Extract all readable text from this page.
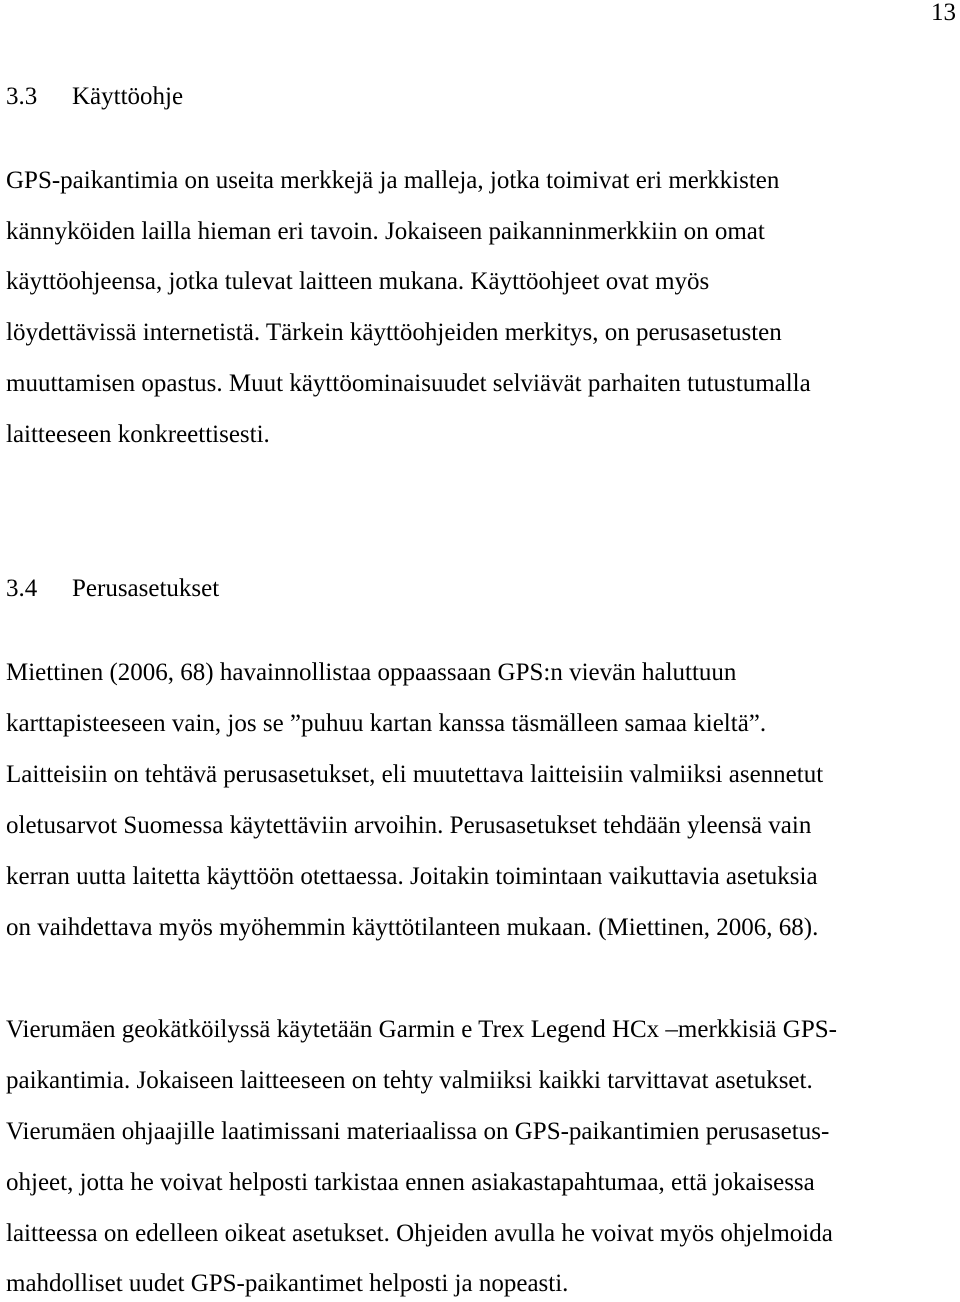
13
3.3 Käyttöohje
GPS-paikantimia on useita merkkejä ja malleja, jotka toimivat eri merkkisten
kännyköiden lailla hieman eri tavoin. Jokaiseen paikanninmerkkiin on omat
käyttöohjeensa, jotka tulevat laitteen mukana. Käyttöohjeet ovat myös
löydettävissä internetistä. Tärkein käyttöohjeiden merkitys, on perusasetusten
muuttamisen opastus. Muut käyttöominaisuudet selviävät parhaiten tutustumalla
laitteeseen konkreettisesti.
3.4 Perusasetukset
Miettinen (2006, 68) havainnollistaa oppaassaan GPS:n vievän haluttuun
karttapisteeseen vain, jos se ”puhuu kartan kanssa täsmälleen samaa kieltä”.
Laitteisiin on tehtävä perusasetukset, eli muutettava laitteisiin valmiiksi asennetut
oletusarvot Suomessa käytettäviin arvoihin. Perusasetukset tehdään yleensä vain
kerran uutta laitetta käyttöön otettaessa. Joitakin toimintaan vaikuttavia asetuksia
on vaihdettava myös myöhemmin käyttötilanteen mukaan. (Miettinen, 2006, 68).
Vierumäen geokätköilyssä käytetään Garmin e Trex Legend HCx –merkkisiä GPS-
paikantimia. Jokaiseen laitteeseen on tehty valmiiksi kaikki tarvittavat asetukset.
Vierumäen ohjaajille laatimissani materiaalissa on GPS-paikantimien perusasetus-
ohjeet, jotta he voivat helposti tarkistaa ennen asiakastapahtumaa, että jokaisessa
laitteessa on edelleen oikeat asetukset. Ohjeiden avulla he voivat myös ohjelmoida
mahdolliset uudet GPS-paikantimet helposti ja nopeasti.
